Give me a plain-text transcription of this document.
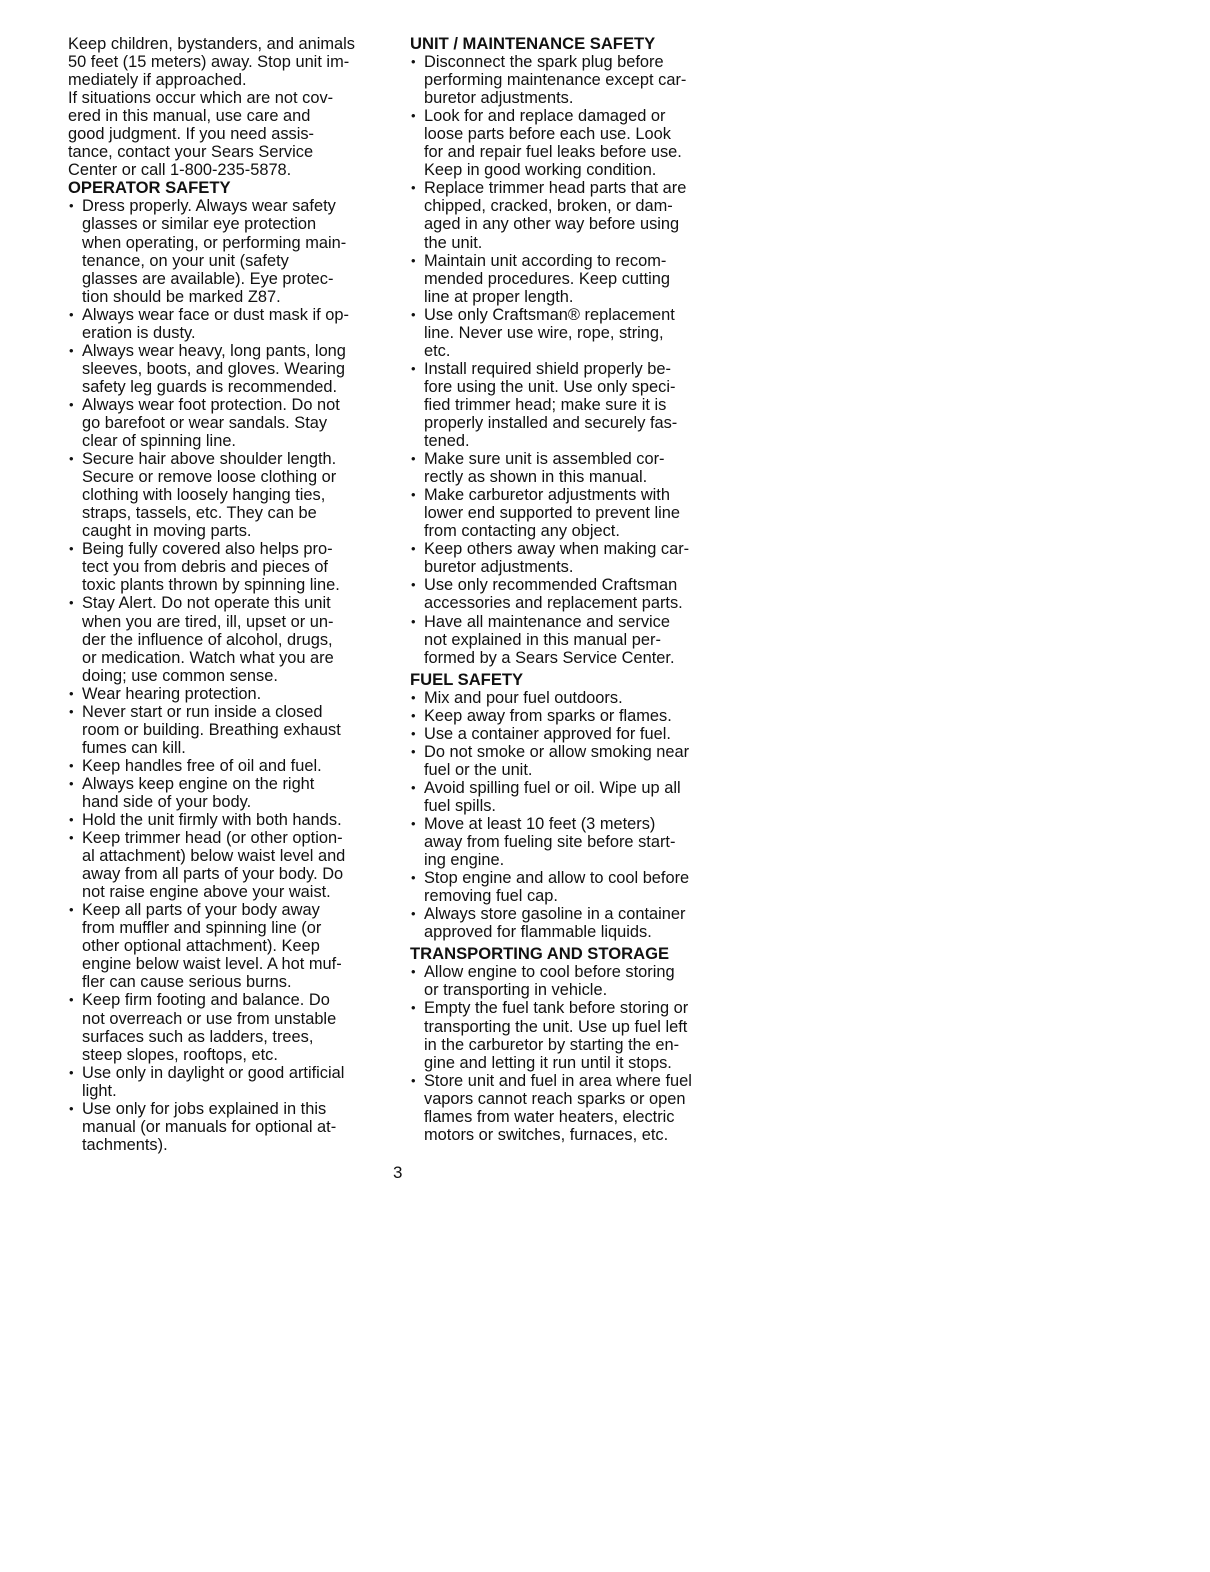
Keep children, bystanders, and animals
50 feet (15 meters) away. Stop unit im-
mediately if approached.
If situations occur which are not cov-
ered in this manual, use care and
good judgment. If you need assis-
tance, contact your Sears Service
Center or call 1-800-235-5878.
OPERATOR SAFETY
• Dress properly. Always wear safety
glasses or similar eye protection
when operating, or performing main-
tenance, on your unit (safety
glasses are available). Eye protec-
tion should be marked Z87.
• Always wear face or dust mask if op-
eration is dusty.
• Always wear heavy, long pants, long
sleeves, boots, and gloves. Wearing
safety leg guards is recommended.
• Always wear foot protection. Do not
go barefoot or wear sandals. Stay
clear of spinning line.
• Secure hair above shoulder length.
Secure or remove loose clothing or
clothing with loosely hanging ties,
straps, tassels, etc. They can be
caught in moving parts.
• Being fully covered also helps pro-
tect you from debris and pieces of
toxic plants thrown by spinning line.
• Stay Alert. Do not operate this unit
when you are tired, ill, upset or un-
der the influence of alcohol, drugs,
or medication. Watch what you are
doing; use common sense.
• Wear hearing protection.
• Never start or run inside a closed
room or building. Breathing exhaust
fumes can kill.
• Keep handles free of oil and fuel.
• Always keep engine on the right
hand side of your body.
• Hold the unit firmly with both hands.
• Keep trimmer head (or other option-
al attachment) below waist level and
away from all parts of your body. Do
not raise engine above your waist.
• Keep all parts of your body away
from muffler and spinning line (or
other optional attachment). Keep
engine below waist level. A hot muf-
fler can cause serious burns.
• Keep firm footing and balance. Do
not overreach or use from unstable
surfaces such as ladders, trees,
steep slopes, rooftops, etc.
• Use only in daylight or good artificial
light.
• Use only for jobs explained in this
manual (or manuals for optional at-
tachments).
UNIT / MAINTENANCE SAFETY
• Disconnect the spark plug before
performing maintenance except car-
buretor adjustments.
• Look for and replace damaged or
loose parts before each use. Look
for and repair fuel leaks before use.
Keep in good working condition.
• Replace trimmer head parts that are
chipped, cracked, broken, or dam-
aged in any other way before using
the unit.
• Maintain unit according to recom-
mended procedures. Keep cutting
line at proper length.
• Use only Craftsman® replacement
line. Never use wire, rope, string,
etc.
• Install required shield properly be-
fore using the unit. Use only speci-
fied trimmer head; make sure it is
properly installed and securely fas-
tened.
• Make sure unit is assembled cor-
rectly as shown in this manual.
• Make carburetor adjustments with
lower end supported to prevent line
from contacting any object.
• Keep others away when making car-
buretor adjustments.
• Use only recommended Craftsman
accessories and replacement parts.
• Have all maintenance and service
not explained in this manual per-
formed by a Sears Service Center.
FUEL SAFETY
• Mix and pour fuel outdoors.
• Keep away from sparks or flames.
• Use a container approved for fuel.
• Do not smoke or allow smoking near
fuel or the unit.
• Avoid spilling fuel or oil. Wipe up all
fuel spills.
• Move at least 10 feet (3 meters)
away from fueling site before start-
ing engine.
• Stop engine and allow to cool before
removing fuel cap.
• Always store gasoline in a container
approved for flammable liquids.
TRANSPORTING AND STORAGE
• Allow engine to cool before storing
or transporting in vehicle.
• Empty the fuel tank before storing or
transporting the unit. Use up fuel left
in the carburetor by starting the en-
gine and letting it run until it stops.
• Store unit and fuel in area where fuel
vapors cannot reach sparks or open
flames from water heaters, electric
motors or switches, furnaces, etc.
3
